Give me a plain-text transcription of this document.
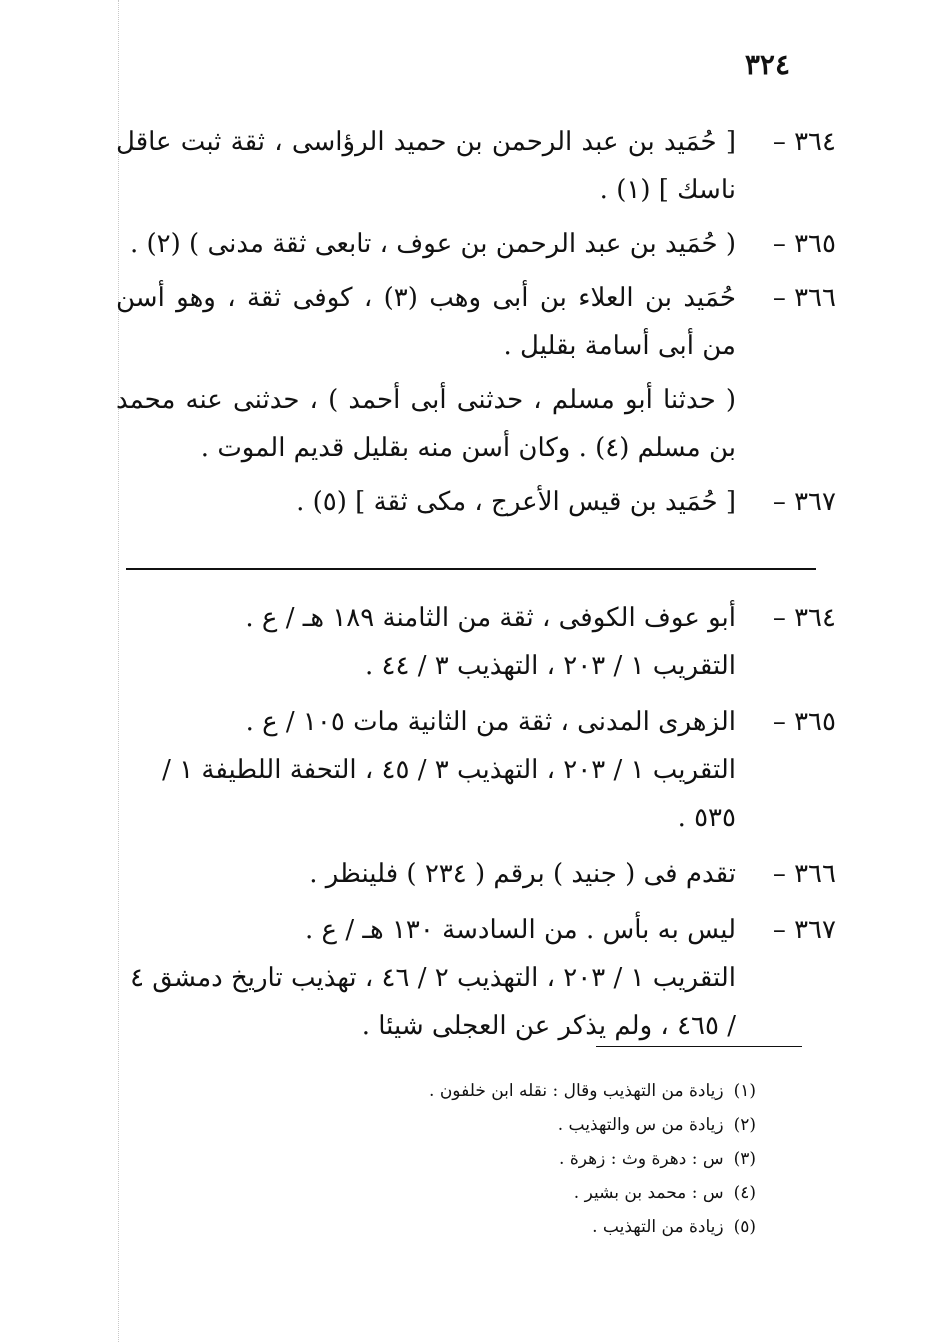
٣٢٤
٣٦٤ –

[ حُمَيد بن عبد الرحمن بن حميد الرؤاسى ، ثقة ثبت عاقل ناسك ] (١) .

٣٦٥ –

( حُمَيد بن عبد الرحمن بن عوف ، تابعى ثقة مدنى ) (٢) .

٣٦٦ –

حُمَيد بن العلاء بن أبى وهب (٣) ، كوفى ثقة ، وهو أسن من أبى أسامة بقليل .

( حدثنا أبو مسلم ، حدثنى أبى أحمد ) ، حدثنى عنه محمد بن مسلم (٤) . وكان أسن منه بقليل قديم الموت .

٣٦٧ –

[ حُمَيد بن قيس الأعرج ، مكى ثقة ] (٥) .

٣٦٤ –

أبو عوف الكوفى ، ثقة من الثامنة ١٨٩ هـ / ع .

التقريب ١ / ٢٠٣ ، التهذيب ٣ / ٤٤ .

٣٦٥ –

الزهرى المدنى ، ثقة من الثانية مات ١٠٥ / ع .

التقريب ١ / ٢٠٣ ، التهذيب ٣ / ٤٥ ، التحفة اللطيفة ١ / ٥٣٥ .

٣٦٦ –

تقدم فى ( جنيد ) برقم ( ٢٣٤ ) فلينظر .

٣٦٧ –

ليس به بأس . من السادسة ١٣٠ هـ / ع .

التقريب ١ / ٢٠٣ ، التهذيب ٢ / ٤٦ ، تهذيب تاريخ دمشق ٤ / ٤٦٥ ، ولم يذكر عن العجلى شيئا .

(١)زيادة من التهذيب وقال : نقله ابن خلفون .
(٢)زيادة من س والتهذيب .
(٣)س : دهرة وث : زهرة .
(٤)س : محمد بن بشير .
(٥)زيادة من التهذيب .
